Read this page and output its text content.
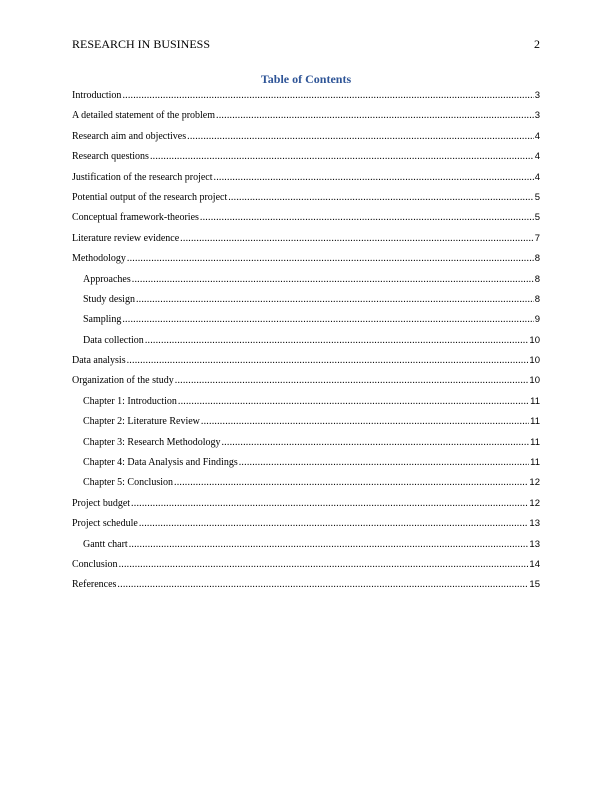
RESEARCH IN BUSINESS	2
Table of Contents
Introduction .....	3
A detailed statement of the problem .....	3
Research aim and objectives .....	4
Research questions .....	4
Justification of the research project .....	4
Potential output of the research project .....	5
Conceptual framework-theories .....	5
Literature review evidence .....	7
Methodology .....	8
Approaches .....	8
Study design .....	8
Sampling .....	9
Data collection .....	10
Data analysis .....	10
Organization of the study .....	10
Chapter 1: Introduction .....	11
Chapter 2: Literature Review .....	11
Chapter 3: Research Methodology .....	11
Chapter 4: Data Analysis and Findings .....	11
Chapter 5: Conclusion .....	12
Project budget .....	12
Project schedule .....	13
Gantt chart .....	13
Conclusion .....	14
References .....	15
